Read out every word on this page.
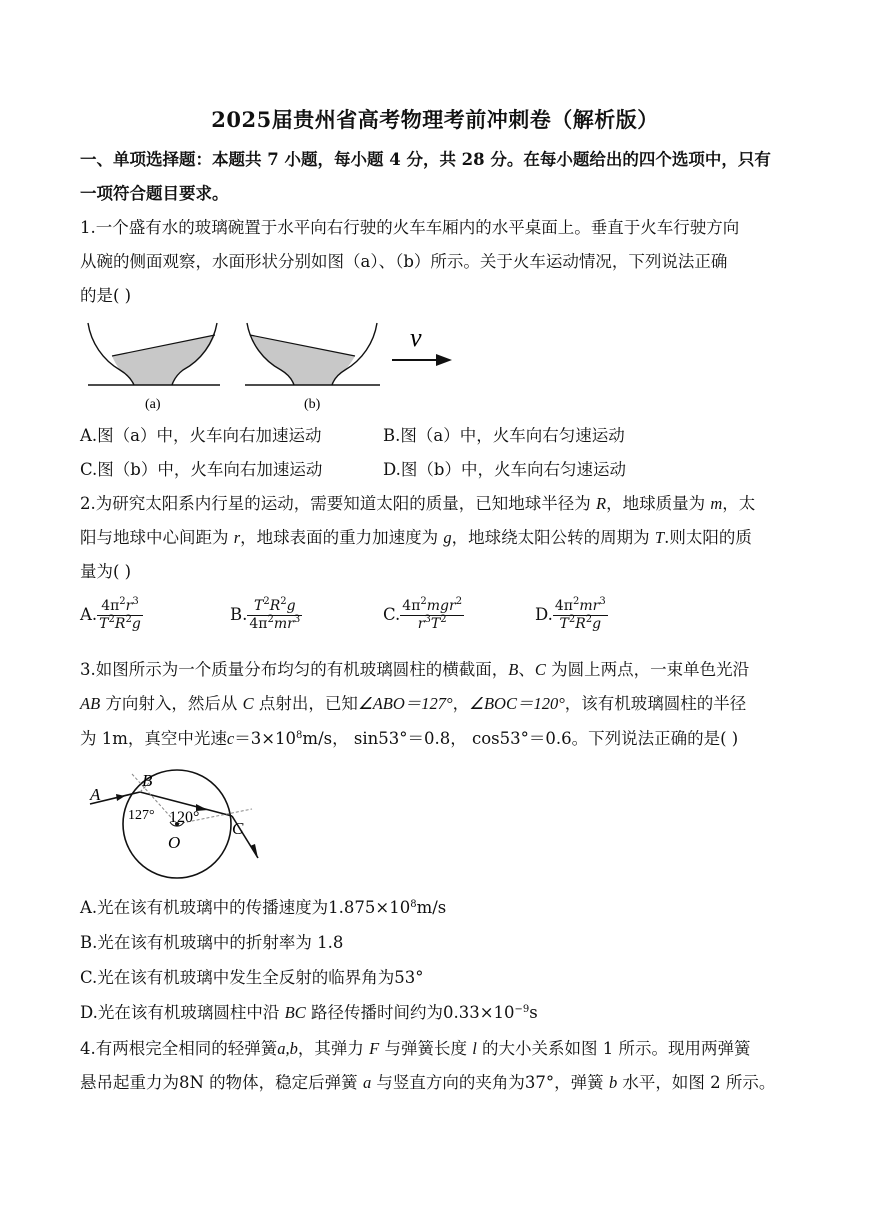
2025届贵州省高考物理考前冲刺卷（解析版）
一、单项选择题：本题共 7 小题，每小题 4 分，共 28 分。在每小题给出的四个选项中，只有
一项符合题目要求。
1.一个盛有水的玻璃碗置于水平向右行驶的火车车厢内的水平桌面上。垂直于火车行驶方向
从碗的侧面观察，水面形状分别如图（a）、（b）所示。关于火车运动情况，下列说法正确
的是( )
(a)	(b)
v
A.图（a）中，火车向右加速运动	B.图（a）中，火车向右匀速运动
C.图（b）中，火车向右加速运动	D.图（b）中，火车向右匀速运动
2.为研究太阳系内行星的运动，需要知道太阳的质量，已知地球半径为 R，地球质量为 m，太
阳与地球中心间距为 r，地球表面的重力加速度为 g，地球绕太阳公转的周期为 T.则太阳的质
量为( )
A. $\frac{4\pi^2r^3}{T^2R^2g}$	B. $\frac{T^2R^2g}{4\pi^2mr^3}$	C. $\frac{4\pi^2mgr^2}{r^3T^2}$	D. $\frac{4\pi^2mr^3}{T^2R^2g}$
3.如图所示为一个质量分布均匀的有机玻璃圆柱的横截面，B、C 为圆上两点，一束单色光沿
AB 方向射入，然后从 C 点射出，已知∠ABO＝127°，∠BOC＝120°，该有机玻璃圆柱的半径
为 1m，真空中光速$c=3\times 10^8m/s$， sin53°＝0.8， cos53°＝0.6。下列说法正确的是( )
A
B
C
O
127° 120°
A.光在该有机玻璃中的传播速度为$1.875\times 10^8m/s$
B.光在该有机玻璃中的折射率为 1.8
C.光在该有机玻璃中发生全反射的临界角为53°
D.光在该有机玻璃圆柱中沿 BC 路径传播时间约为$0.33\times 10^{-9}s$
4.有两根完全相同的轻弹簧a,b，其弹力 F 与弹簧长度 l 的大小关系如图 1 所示。现用两弹簧
悬吊起重力为8N 的物体，稳定后弹簧 a 与竖直方向的夹角为37°，弹簧 b 水平，如图 2 所示。
